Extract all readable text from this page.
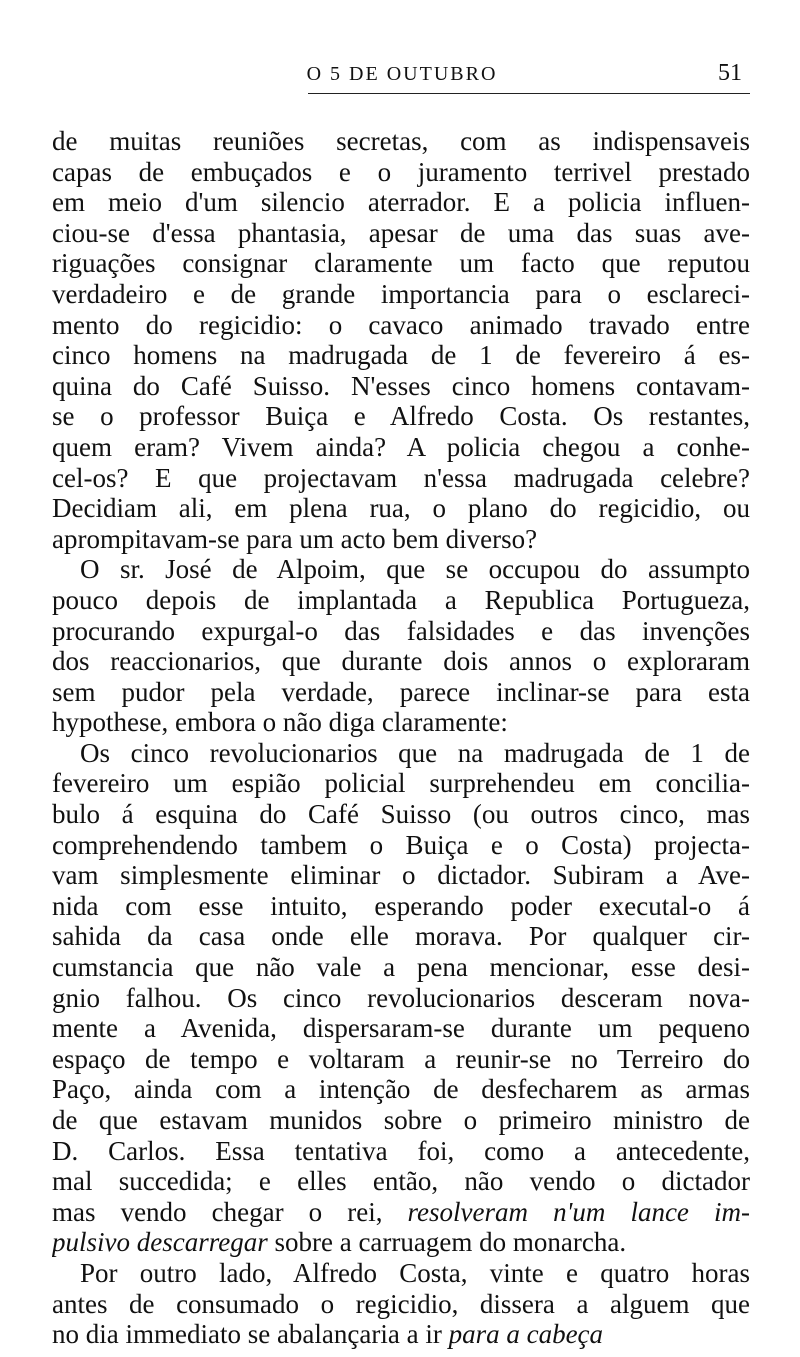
O 5 DE OUTUBRO	51
de muitas reuniões secretas, com as indispensaveis
capas de embuçados e o juramento terrivel prestado
em meio d'um silencio aterrador. E a policia influen-
ciou-se d'essa phantasia, apesar de uma das suas ave-
riguações consignar claramente um facto que reputou
verdadeiro e de grande importancia para o esclareci-
mento do regicidio: o cavaco animado travado entre
cinco homens na madrugada de 1 de fevereiro á es-
quina do Café Suisso. N'esses cinco homens contavam-
se o professor Buiça e Alfredo Costa. Os restantes,
quem eram? Vivem ainda? A policia chegou a conhe-
cel-os? E que projectavam n'essa madrugada celebre?
Decidiam ali, em plena rua, o plano do regicidio, ou
aprompitavam-se para um acto bem diverso?
O sr. José de Alpoim, que se occupou do assumpto
pouco depois de implantada a Republica Portugueza,
procurando expurgal-o das falsidades e das invenções
dos reaccionarios, que durante dois annos o exploraram
sem pudor pela verdade, parece inclinar-se para esta
hypothese, embora o não diga claramente:
Os cinco revolucionarios que na madrugada de 1 de
fevereiro um espião policial surprehendeu em concilia-
bulo á esquina do Café Suisso (ou outros cinco, mas
comprehendendo tambem o Buiça e o Costa) projecta-
vam simplesmente eliminar o dictador. Subiram a Ave-
nida com esse intuito, esperando poder executal-o á
sahida da casa onde elle morava. Por qualquer cir-
cumstancia que não vale a pena mencionar, esse desi-
gnio falhou. Os cinco revolucionarios desceram nova-
mente a Avenida, dispersaram-se durante um pequeno
espaço de tempo e voltaram a reunir-se no Terreiro do
Paço, ainda com a intenção de desfecharem as armas
de que estavam munidos sobre o primeiro ministro de
D. Carlos. Essa tentativa foi, como a antecedente,
mal succedida; e elles então, não vendo o dictador
mas vendo chegar o rei, resolveram n'um lance im-
pulsivo descarregar sobre a carruagem do monarcha.
Por outro lado, Alfredo Costa, vinte e quatro horas
antes de consumado o regicidio, dissera a alguem que
no dia immediato se abalançaria a ir para a cabeça
